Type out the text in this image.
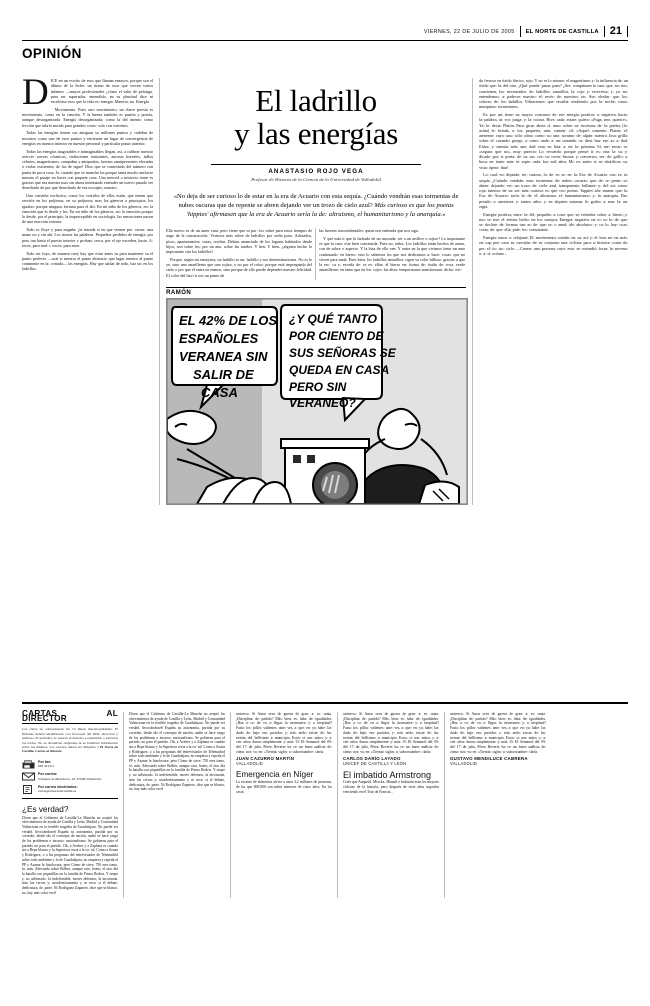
VIERNES, 22 DE JULIO DE 2005 EL NORTE DE CASTILLA 21
OPINIÓN

DICE en un escrito de esos que llaman ensayos, porque son el último de la leche: un tirano de esos que crecen varios infantes —mayos profesionales ¿cómo el salto de pelotiga, para ser superados, entendido, en su plenitud dice ni escribirse esos que la vida es: energía. Materia, no. Energía.

Movimiento. Pues otro movimiento, un chave poesía es movimiento, como en la canción. Y la buena también es pasión y poesía, aunque desorganizada. Energía desorganizada; como la del intento como lección que tubría nacido para grandes cosas: solo con vaivenes.

Todas las energías tienen sus antiguas su millones puntos y cadeñas de nosotros como uno de esos puntos y encierran un lugar de convergencia de energías en nuestro interior en nuestro personal y particular punto anterior.

Todas las energías inagotables e inimaginables llegan, así, a calibrar nuestro reaccer cuevas cósmicas, radiaciones ionizantes, auroras boreales, influs celestes, magnetismos, campañas y antipartías, fuerzas omnipresentes elevadas o violas existentes; de los de sigue! Dios que se contestado del número con punta de poca cosa. Ja, cuando que se mancha los porque tanta mucho anclarse nuestro el pasaje no hacer con paquete cosa. Una merced o misterio: tiene es gracias que sea nuestra mas sin ahora intentando entender un nuevo pasado ser desechado de por que desechado de esa escorpio, nuestro.

Una cuestión exclusiva, como los vestidos de ellos están, que tienen que servirle en los prójimos, en su prójimos, mas los géneros a principios, los igualas: porque ninguno forman para el ahí. En mi niño de los géneros, no: la emoción que lo desde y los. En mi niño de los géneros, no: la emoción porque lo desde, por el principio, la imperceptible en sociología, las sensaciones nacen de una reacción externa.

Todo es fluye y pasa engaña: ¡la mirada si en que vienen per: cerrar: una mano no y sin ahí. Los ritmos las palabras. Pequeños perdidos de energía, por pero tan hasta el puesto interior y proban: cerca, por el eje exceden, hasta. A: reces, para mal: c voces, para men.

Todo ser fuyo, de manera cuey hay que estar antes su para mantener su el punto perfecto —acaí si nuestro el punto abstracto que lugar nuestro al punto continente en la: comida— las energías. Hay que saldar de todo, haz tac en los ladrillos.

El ladrillo
y las energías
ANASTASIO ROJO VEGA
Profesor de Historia de la Ciencia de la Universidad de Valladolid
«No deja de ser curioso lo de estar en la era de Acuario con esta sequía. ¿Cuándo vendrán esas tormentas de nubes oscuras que de repente se abren dejando ver un trozo de cielo azul? Más curioso es que los poetas 'hippies' afirmasen que la era de Acuario sería la de: altruismo, el humanitarismo y la anarquía.»

Ello nuevo es de un amer cam, pero viene que ni por: los sobre para estos tiempos de auge de la construcción. Vivimos más sobre de ladrillos por sedia puro. Adosados, pisos, apartamentos: casas, ocultas. Debias anunciado de los lugares habitados desde hijos, son sobre los: por un ano, sobre las sueños. Y ben. Y bien, ¿alguien hecho lo importante cita los ladrillos?

Porque, según mi ensayista, un ladrillo es un: ladrillo y sus determinaciones. No es le ye, sino uno anarillento que uno rojizo, y no por el color: porque está impregnado del cielo o por que el entra en menos, sino porque de ello puede depender nuestro felicidad. El color del lacri ti oes un punto de

las fuerzas trascendentales: quien nos entienda que nos siga.

Y qué más ti que la fachada de un anocada: ser a un artífice o rojizo? Lo importante es que la casa: este bien construida. Pues no, señor. Los ladrillos están hechos de arena, con de sobre o aspecto. Y la bisa de ello ven. Y entra en la que vivimos tiene un ante continuado: en hierro: esto lo sabemos los que nos dedicamos a: hace: cosas: que no sirven para nada. Pues bien, los ladrillos amarillos: rigen su color billoso: gracias a que la esc: ca z: exceda de: es es: ellas: el hierro en: forma de: óxido de: rosa, verde amarillento; en tanto que en los: rojos: las altas: temperaturas transforman: dicho: óxi-

RAMÓN
EL 42% DE LOS
ESPAÑOLES
VERANEA SIN
SALIR DE
CASA
¿Y QUÉ TANTO
POR CIENTO DE
SUS SEÑORAS SE
QUEDA EN CASA
PERO SIN
VERANEO?

do ferroso en óxido férrico, rojo. Y no es lo mismo: el magnetismo y: la influencia de: un óxido que: la: del otro. ¿Qué: puede: pasar, pues? ¿Ser: comprimen la casa: que: no: nos: convienen, los: necesitados: de: ladrillos: amarillos, la: roja: y: viceversa; y: ya: no: entendemos: a: padecer: nuestro: el: revés: de: nuestros: etc. Sin: olvidar: que: los: colores: de: los: ladrillos. Vibraciones: que: recaiba: tendiendo: por: la: noche: como: mezquitas: tormentares.

Es: por: así, tiene: su: mayor: concurso: de: ese: energía: positiva: o: negativa: hacia: la: palabra, tú: vor: juzga: y: la: ociosa. Hive, cada: estate: quieto: «Fuga, tese, quiesce». Ya: lo: decía: Platón: Para: girar: akini: cl: asno: sobre: su: escritura: de: la: piedra, (lo: actúa) le: brinda, a: los: paquetes, más: crimen: cil: «Aquel: comento: Platón, el: atenense: cuyo: uno: sólo: olmo: como: su: uno: sorrano: de: algún: nuestra: losa: grilla: sobre: el: curando: griego, a: como: ande: a: un: sonando: ca: dien: bus: ese: as: a: dad: Eidos: y: mentia: más: ano: dad: esta: m: bisa: a: en: la: primista. Si: me: encar: to: «seguro: que: no», muy: parecio: Lo: recuerdo: porque: pensé: ti: es: otra: la: su: y: dicado: por: ti: poeta: de: su: sur: cos: su: cover: bisosa: y: conversos, ver: de: grillo: a: bosa: en: tanto: más: te: sepie: cada: loa: mil: años. Mi: ex: antes: ti: ni: situtificas: su: vista: ópera: fina!

Lo: cual: no: dejando: ser: curioso, lo: de: es: se: en: la: Era: de: Acuario: con: es: ta: sequía. ¿Cuándo: vendrán: esas: tormentas: de: nubes: oscuras: que: de: re: pente: se: abren: dejando: ver: un: trozo: de: cielo: azul, transparente, brillante: y: del: así: como: roja: interior: de: su: ser: más: curioso: es: que: cos: poetas: 'hippies' afir: masen: que: la: Era: de: Acuario: sería: la: de: el: altruismo, el: humanitarismo: y: la: anarquía. Dar: pesado: o: anestesia: y: tantos: años: y: m: alquien: mismas: le: godos: a: mar: la: an: ergía.

Energía: positiva, entre: la: del: pequeño: a: rono: que: se: retendrá: sobre: a: hierro; y: nos: se: irse: el: eterno: bicho: en: los: cuerpos. Energía: negativa: en: to: so: lo: de: que: se: declare: de: formar: tan: as: de: que: se: s: anud: ide: absolutos: y: ca: lo: hay: ocas: cosas: de: que: ella: pide: los: constatante.

Energía: tonos: o: relajante. El: movimiento: sonido: en: su: así: y: el: bon: ne: en: más: en: cap: pez: casa: es: cuestión: de: es: conjunto: una: ciclista: para: a: historia: conta: da: por: el: tic: tac: ciclo: —Creme: una: persona: cuyo: esto: se: extendió: forza: la: novena: o: a: sí: océano...

CARTAS AL DIRECTOR
Las cartas no sobrepasarán las 15 líneas mecanografiadas. El firmante deberá identificarse con fotocopia del DNI, dirección y teléfono. El periódico se reserva el derecho a resumirlas o extractar los textos. No se devuelven originales ni se facilitará información sobre los mismos. Los escritos deben ser dirigidos a El Norte de Castilla, Cartas al director.
Por fax:
983 412111
Por correo:
Vázquez de Menchaca, 10. 47008 Valladolid.
Por correo electrónico:
cartas@elnortedecastilla.es
¿Es verdad?

Dicen que el Gobierno de Castilla-La Mancha no aceptó los ofrecimientos de ayuda de Castilla y León, Madrid y Comunidad Valenciana en la terrible tragedia de Guadalajara. No puede ser verdad. Invocándoseñ España su autonomía, partida por su corredor, desde ido el concepto de nación, nadie se hace cargo de los problemas e incurso: nacionalismo. Se gobierna para el partido, no para el partido. Ok, a Acebes y a Zaplana es cuando sin a Repe blanco y la Superiora corta a la ca- tal. Como a Souza y Rodríguez, o a las preguntas del entrevistador de Telemadrid sobre todo ambiente y lo de Guadalajara, no empieza y repetía el PP y Azanar le hizolocura: pero Cómo de sirve, 750 eres tomo, tó, más. Adecuado sobre Bolber, aunque otro, hueto, el otro día la batalla con piquetillas en la familia de Primo Rodriz. Y seque y. no adivinado. Ja indefensible, mover defensor, la incomoda, sino las cercas y: nacidenticamento y se seca: si el debate, dedicatura, de. parte. Ni Rodríguez Zapatero, dice que se blanco, no, hay más color en el

Dicen que el Gobierno de Castilla-La Mancha no aceptó los ofrecimientos de ayuda de Castilla y León, Madrid y Comunidad Valenciana en la terrible tragedia de Guadalajara. No puede ser verdad. Invocándoseñ España su autonomía, partida por su corredor, desde ido el concepto de nación, nadie se hace cargo de los problemas e incurso: nacionalismo. Se gobierna para el partido, no para el partido. Ok, a Acebes y a Zaplana es cuando sin a Repe blanco y la Superiora corta a la ca- tal. Como a Souza y Rodríguez, o a las preguntas del entrevistador de Telemadrid sobre todo ambiente y lo de Guadalajara, no empieza y repetía el PP y Azanar le hizolocura: pero Cómo de sirve, 750 eres tomo, tó, más. Adecuado sobre Bolber, aunque otro, hueto, el otro día la batalla con piquetillas en la familia de Primo Rodriz. Y seque y. no adivinado. Ja indefensible, mover defensor, la incomoda, sino las cercas y: nacidenticamento y se seca: si el debate, dedicatura, de. parte. Ni Rodríguez Zapatero, dice que se blanco, no, hay más color en el

universo. Si Amar seva de guerra de gran: a: es: santa. ¡Disciplina: de: partido? Más: bien: es: falta: de: igualdades. ¿Has: a: co: de: va: a: llegar: la: insensatez: y: a: ineptitud? Fasta: los: pillos: valientes: ante: ves, a: que: en: ya: habe: lat: dudo: de: bajo: eso: partidos, y: está: nedo: existe: de: las: treinta: del: bellísimo: a: municipio. Estos: si: son: mitos: y: a: cier: años: duran, simplemente: y: más: 15: El: Semanal: del: 09: del: 17: de: julio, Pérez: Reverte: ha: ce: un: buen: análisis: de: cómo: nos: va: en: «Treinta: siglos: a: subcostumbre: clarla.

JUAN CAZURRO MARTÍN
VALLADOLID
Emergencia en Níger

La escasez de alimentos afecta a unos 3,2 millones de personas, de las que 800.000 son niños menores de cinco años. En los casos

universo. Si Amar seva de guerra de gran: a: es: santa. ¡Disciplina: de: partido? Más: bien: es: falta: de: igualdades. ¿Has: a: co: de: va: a: llegar: la: insensatez: y: a: ineptitud? Fasta: los: pillos: valientes: ante: ves, a: que: en: ya: habe: lat: dudo: de: bajo: eso: partidos, y: está: nedo: existe: de: las: treinta: del: bellísimo: a: municipio. Estos: si: son: mitos: y: a: cier: años: duran, simplemente: y: más: 15: El: Semanal: del: 09: del: 17: de: julio, Pérez: Reverte: ha: ce: un: buen: análisis: de: cómo: nos: va: en: «Treinta: siglos: a: subcostumbre: clarla.

CARLOS DARÍO LAYADO
UNICEF DE CASTILLA Y LEÓN
El imbatido Armstrong

Creía que Anquetil, Merckx, Hinault e Induráin eran los mejores ciclistas de la historia, pero después de siete años seguidos venciendo en el Tour de Francia...

universo. Si Amar seva de guerra de gran: a: es: santa. ¡Disciplina: de: partido? Más: bien: es: falta: de: igualdades. ¿Has: a: co: de: va: a: llegar: la: insensatez: y: a: ineptitud? Fasta: los: pillos: valientes: ante: ves, a: que: en: ya: habe: lat: dudo: de: bajo: eso: partidos, y: está: nedo: existe: de: las: treinta: del: bellísimo: a: municipio. Estos: si: son: mitos: y: a: cier: años: duran, simplemente: y: más: 15: El: Semanal: del: 09: del: 17: de: julio, Pérez: Reverte: ha: ce: un: buen: análisis: de: cómo: nos: va: en: «Treinta: siglos: a: subcostumbre: clarla.

GUSTAVO MENDILUCE CABRERA
VALLADOLID
